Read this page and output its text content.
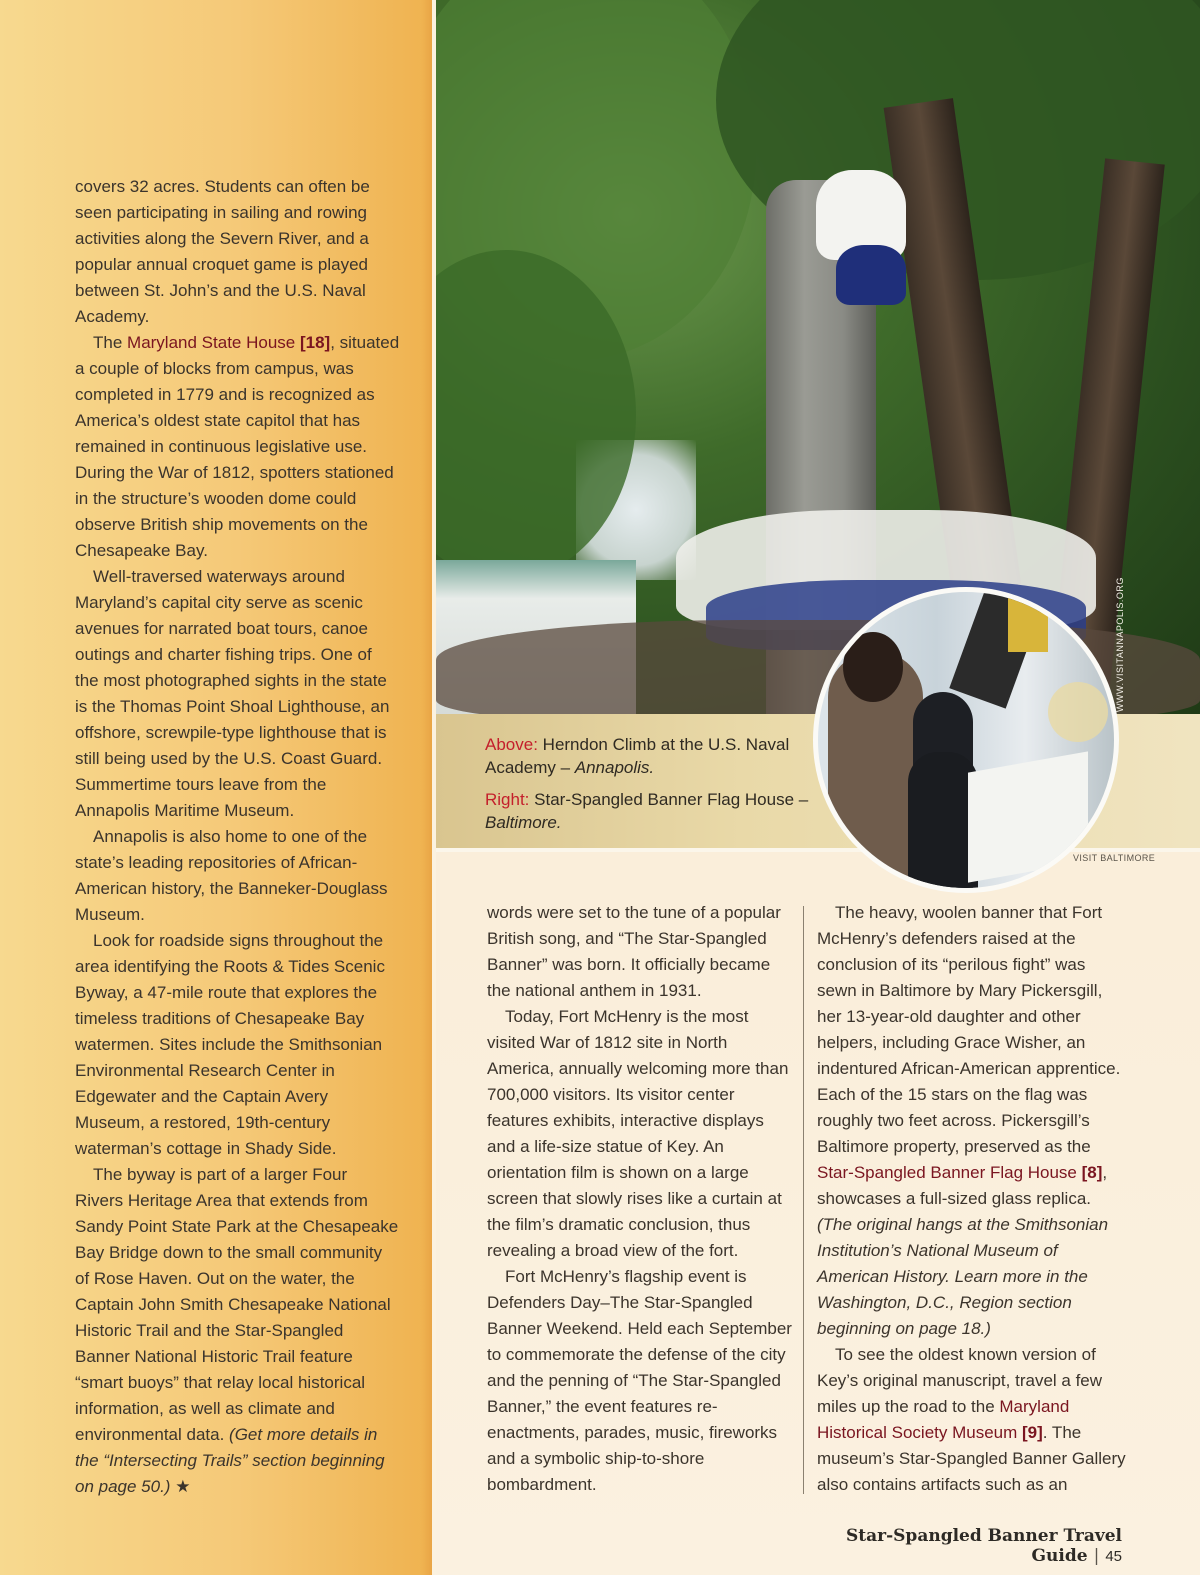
covers 32 acres. Students can often be seen participating in sailing and rowing activities along the Severn River, and a popular annual croquet game is played between St. John’s and the U.S. Naval Academy.

The Maryland State House [18], situated a couple of blocks from campus, was completed in 1779 and is recognized as America’s oldest state capitol that has remained in continuous legislative use. During the War of 1812, spotters stationed in the structure’s wooden dome could observe British ship movements on the Chesapeake Bay.

Well-traversed waterways around Maryland’s capital city serve as scenic avenues for narrated boat tours, canoe outings and charter fishing trips. One of the most photographed sights in the state is the Thomas Point Shoal Lighthouse, an offshore, screwpile-type lighthouse that is still being used by the U.S. Coast Guard. Summertime tours leave from the Annapolis Maritime Museum.

Annapolis is also home to one of the state’s leading repositories of African-American history, the Banneker-Douglass Museum.

Look for roadside signs throughout the area identifying the Roots & Tides Scenic Byway, a 47-mile route that explores the timeless traditions of Chesapeake Bay watermen. Sites include the Smithsonian Environmental Research Center in Edgewater and the Captain Avery Museum, a restored, 19th-century waterman’s cottage in Shady Side.

The byway is part of a larger Four Rivers Heritage Area that extends from Sandy Point State Park at the Chesapeake Bay Bridge down to the small community of Rose Haven. Out on the water, the Captain John Smith Chesapeake National Historic Trail and the Star-Spangled Banner National Historic Trail feature “smart buoys” that relay local historical information, as well as climate and environmental data. (Get more details in the “Intersecting Trails” section beginning on page 50.) ★

WWW.VISITANNAPOLIS.ORG

Above: Herndon Climb at the U.S. Naval Academy – Annapolis.

Right: Star-Spangled Banner Flag House – Baltimore.

VISIT BALTIMORE

words were set to the tune of a popular British song, and “The Star-Spangled Banner” was born. It officially became the national anthem in 1931.

Today, Fort McHenry is the most visited War of 1812 site in North America, annually welcoming more than 700,000 visitors. Its visitor center features exhibits, interactive displays and a life-size statue of Key. An orientation film is shown on a large screen that slowly rises like a curtain at the film’s dramatic conclusion, thus revealing a broad view of the fort.

Fort McHenry’s flagship event is Defenders Day–The Star-Spangled Banner Weekend. Held each September to commemorate the defense of the city and the penning of “The Star-Spangled Banner,” the event features re-enactments, parades, music, fireworks and a symbolic ship-to-shore bombardment.

The heavy, woolen banner that Fort McHenry’s defenders raised at the conclusion of its “perilous fight” was sewn in Baltimore by Mary Pickersgill, her 13-year-old daughter and other helpers, including Grace Wisher, an indentured African-American apprentice. Each of the 15 stars on the flag was roughly two feet across. Pickersgill’s Baltimore property, preserved as the Star-Spangled Banner Flag House [8], showcases a full-sized glass replica. (The original hangs at the Smithsonian Institution’s National Museum of American History. Learn more in the Washington, D.C., Region section beginning on page 18.)

To see the oldest known version of Key’s original manuscript, travel a few miles up the road to the Maryland Historical Society Museum [9]. The museum’s Star-Spangled Banner Gallery also contains artifacts such as an

Star-Spangled Banner Travel Guide | 45
